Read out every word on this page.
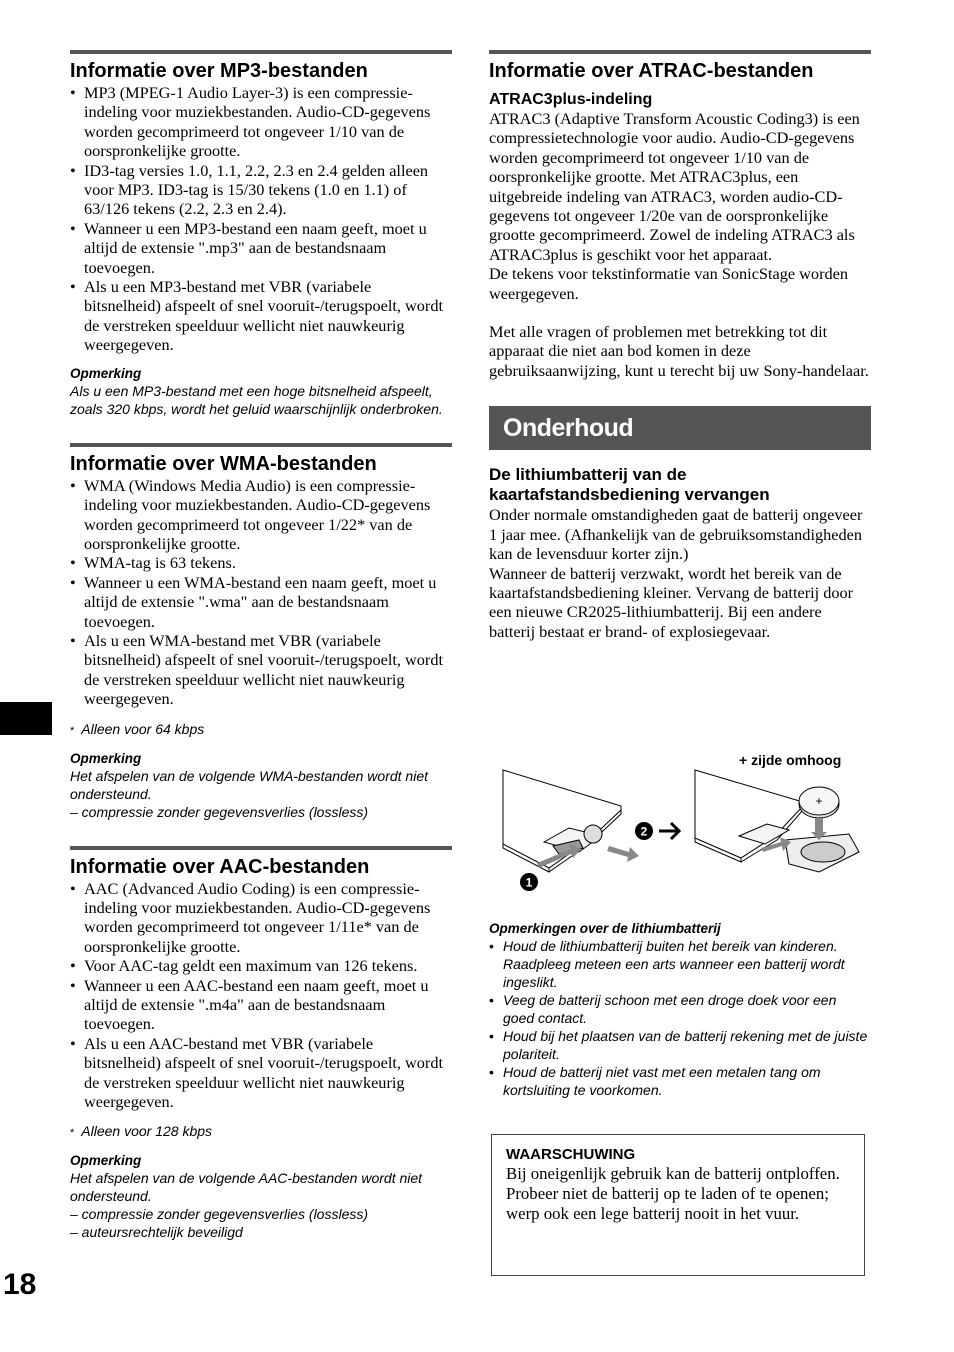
18
Informatie over MP3-bestanden
• MP3 (MPEG-1 Audio Layer-3) is een compressie-indeling voor muziekbestanden. Audio-CD-gegevens worden gecomprimeerd tot ongeveer 1/10 van de oorspronkelijke grootte.
• ID3-tag versies 1.0, 1.1, 2.2, 2.3 en 2.4 gelden alleen voor MP3. ID3-tag is 15/30 tekens (1.0 en 1.1) of 63/126 tekens (2.2, 2.3 en 2.4).
• Wanneer u een MP3-bestand een naam geeft, moet u altijd de extensie ".mp3" aan de bestandsnaam toevoegen.
• Als u een MP3-bestand met VBR (variabele bitsnelheid) afspeelt of snel vooruit-/terugspoelt, wordt de verstreken speelduur wellicht niet nauwkeurig weergegeven.
Opmerking
Als u een MP3-bestand met een hoge bitsnelheid afspeelt, zoals 320 kbps, wordt het geluid waarschijnlijk onderbroken.
Informatie over WMA-bestanden
• WMA (Windows Media Audio) is een compressie-indeling voor muziekbestanden. Audio-CD-gegevens worden gecomprimeerd tot ongeveer 1/22* van de oorspronkelijke grootte.
• WMA-tag is 63 tekens.
• Wanneer u een WMA-bestand een naam geeft, moet u altijd de extensie ".wma" aan de bestandsnaam toevoegen.
• Als u een WMA-bestand met VBR (variabele bitsnelheid) afspeelt of snel vooruit-/terugspoelt, wordt de verstreken speelduur wellicht niet nauwkeurig weergegeven.
* Alleen voor 64 kbps
Opmerking
Het afspelen van de volgende WMA-bestanden wordt niet ondersteund.
– compressie zonder gegevensverlies (lossless)
Informatie over AAC-bestanden
• AAC (Advanced Audio Coding) is een compressie-indeling voor muziekbestanden. Audio-CD-gegevens worden gecomprimeerd tot ongeveer 1/11e* van de oorspronkelijke grootte.
• Voor AAC-tag geldt een maximum van 126 tekens.
• Wanneer u een AAC-bestand een naam geeft, moet u altijd de extensie ".m4a" aan de bestandsnaam toevoegen.
• Als u een AAC-bestand met VBR (variabele bitsnelheid) afspeelt of snel vooruit-/terugspoelt, wordt de verstreken speelduur wellicht niet nauwkeurig weergegeven.
* Alleen voor 128 kbps
Opmerking
Het afspelen van de volgende AAC-bestanden wordt niet ondersteund.
– compressie zonder gegevensverlies (lossless)
– auteursrechtelijk beveiligd
Informatie over ATRAC-bestanden
ATRAC3plus-indeling

ATRAC3 (Adaptive Transform Acoustic Coding3) is een compressietechnologie voor audio. Audio-CD-gegevens worden gecomprimeerd tot ongeveer 1/10 van de oorspronkelijke grootte. Met ATRAC3plus, een uitgebreide indeling van ATRAC3, worden audio-CD-gegevens tot ongeveer 1/20e van de oorspronkelijke grootte gecomprimeerd. Zowel de indeling ATRAC3 als ATRAC3plus is geschikt voor het apparaat.

De tekens voor tekstinformatie van SonicStage worden weergegeven.

Met alle vragen of problemen met betrekking tot dit apparaat die niet aan bod komen in deze gebruiksaanwijzing, kunt u terecht bij uw Sony-handelaar.

Onderhoud
De lithiumbatterij van de kaartafstandsbediening vervangen

Onder normale omstandigheden gaat de batterij ongeveer 1 jaar mee. (Afhankelijk van de gebruiksomstandigheden kan de levensduur korter zijn.)

Wanneer de batterij verzwakt, wordt het bereik van de kaartafstandsbediening kleiner. Vervang de batterij door een nieuwe CR2025-lithiumbatterij. Bij een andere batterij bestaat er brand- of explosiegevaar.

+ zijde omhoog
1
2
+
Opmerkingen over de lithiumbatterij
• Houd de lithiumbatterij buiten het bereik van kinderen. Raadpleeg meteen een arts wanneer een batterij wordt ingeslikt.
• Veeg de batterij schoon met een droge doek voor een goed contact.
• Houd bij het plaatsen van de batterij rekening met de juiste polariteit.
• Houd de batterij niet vast met een metalen tang om kortsluiting te voorkomen.
WAARSCHUWING
Bij oneigenlijk gebruik kan de batterij ontploffen.
Probeer niet de batterij op te laden of te openen; werp ook een lege batterij nooit in het vuur.
